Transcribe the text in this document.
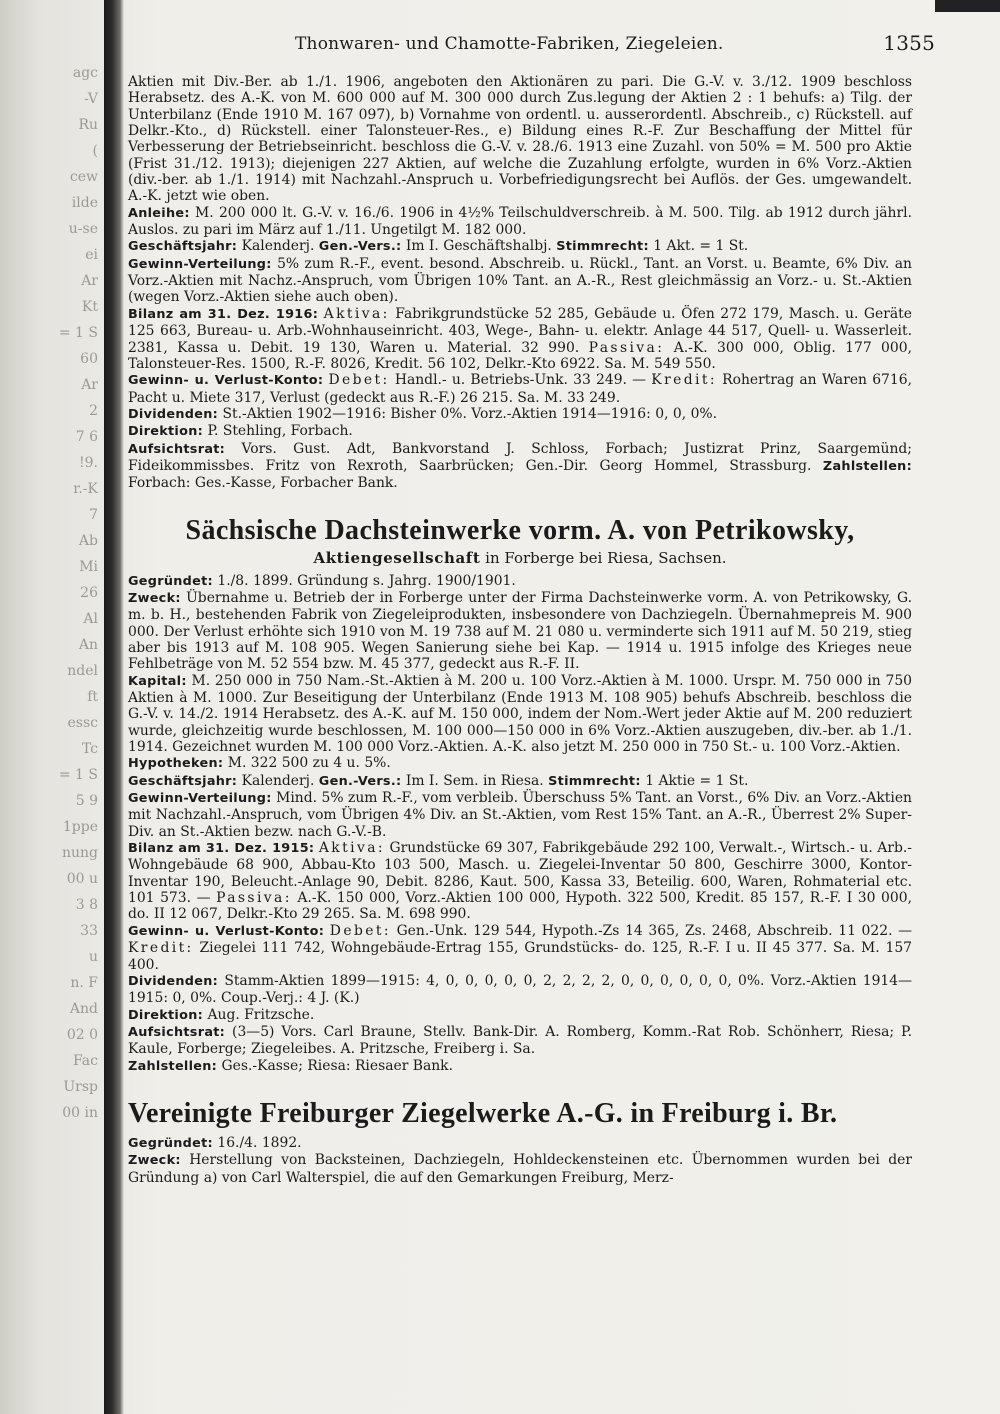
agc
-V
Ru
(
cew
ilde
u-se
ei
Ar
Kt
= 1 S
60
Ar
2
7 6
!9.
r.-K
7
Ab
Mi
26
Al
An
ndel
ft
essc
Tc
= 1 S
5 9
1ppe
nung
00 u
3 8
33
u
n. F
And
02 0
Fac
Ursp
00 in
Thonwaren- und Chamotte-Fabriken, Ziegeleien.	1355

Aktien mit Div.-Ber. ab 1./1. 1906, angeboten den Aktionären zu pari. Die G.-V. v. 3./12. 1909 beschloss Herabsetz. des A.-K. von M. 600 000 auf M. 300 000 durch Zus.legung der Aktien 2 : 1 behufs: a) Tilg. der Unterbilanz (Ende 1910 M. 167 097), b) Vornahme von ordentl. u. ausserordentl. Abschreib., c) Rückstell. auf Delkr.-Kto., d) Rückstell. einer Talonsteuer-Res., e) Bildung eines R.-F. Zur Beschaffung der Mittel für Verbesserung der Betriebseinricht. beschloss die G.-V. v. 28./6. 1913 eine Zuzahl. von 50% = M. 500 pro Aktie (Frist 31./12. 1913); diejenigen 227 Aktien, auf welche die Zuzahlung erfolgte, wurden in 6% Vorz.-Aktien (div.-ber. ab 1./1. 1914) mit Nachzahl.-Anspruch u. Vorbefriedigungsrecht bei Auflös. der Ges. umgewandelt. A.-K. jetzt wie oben.

Anleihe: M. 200 000 lt. G.-V. v. 16./6. 1906 in 4½% Teilschuldverschreib. à M. 500. Tilg. ab 1912 durch jährl. Auslos. zu pari im März auf 1./11. Ungetilgt M. 182 000.

Geschäftsjahr: Kalenderj. Gen.-Vers.: Im I. Geschäftshalbj. Stimmrecht: 1 Akt. = 1 St.

Gewinn-Verteilung: 5% zum R.-F., event. besond. Abschreib. u. Rückl., Tant. an Vorst. u. Beamte, 6% Div. an Vorz.-Aktien mit Nachz.-Anspruch, vom Übrigen 10% Tant. an A.-R., Rest gleichmässig an Vorz.- u. St.-Aktien (wegen Vorz.-Aktien siehe auch oben).

Bilanz am 31. Dez. 1916: Aktiva: Fabrikgrundstücke 52 285, Gebäude u. Öfen 272 179, Masch. u. Geräte 125 663, Bureau- u. Arb.-Wohnhauseinricht. 403, Wege-, Bahn- u. elektr. Anlage 44 517, Quell- u. Wasserleit. 2381, Kassa u. Debit. 19 130, Waren u. Material. 32 990. Passiva: A.-K. 300 000, Oblig. 177 000, Talonsteuer-Res. 1500, R.-F. 8026, Kredit. 56 102, Delkr.-Kto 6922. Sa. M. 549 550.

Gewinn- u. Verlust-Konto: Debet: Handl.- u. Betriebs-Unk. 33 249. — Kredit: Rohertrag an Waren 6716, Pacht u. Miete 317, Verlust (gedeckt aus R.-F.) 26 215. Sa. M. 33 249.

Dividenden: St.-Aktien 1902—1916: Bisher 0%. Vorz.-Aktien 1914—1916: 0, 0, 0%.

Direktion: P. Stehling, Forbach.

Aufsichtsrat: Vors. Gust. Adt, Bankvorstand J. Schloss, Forbach; Justizrat Prinz, Saargemünd; Fideikommissbes. Fritz von Rexroth, Saarbrücken; Gen.-Dir. Georg Hommel, Strassburg. Zahlstellen: Forbach: Ges.-Kasse, Forbacher Bank.

Sächsische Dachsteinwerke vorm. A. von Petrikowsky,
Aktiengesellschaft in Forberge bei Riesa, Sachsen.

Gegründet: 1./8. 1899. Gründung s. Jahrg. 1900/1901.

Zweck: Übernahme u. Betrieb der in Forberge unter der Firma Dachsteinwerke vorm. A. von Petrikowsky, G. m. b. H., bestehenden Fabrik von Ziegeleiprodukten, insbesondere von Dachziegeln. Übernahmepreis M. 900 000. Der Verlust erhöhte sich 1910 von M. 19 738 auf M. 21 080 u. verminderte sich 1911 auf M. 50 219, stieg aber bis 1913 auf M. 108 905. Wegen Sanierung siehe bei Kap. — 1914 u. 1915 infolge des Krieges neue Fehlbeträge von M. 52 554 bzw. M. 45 377, gedeckt aus R.-F. II.

Kapital: M. 250 000 in 750 Nam.-St.-Aktien à M. 200 u. 100 Vorz.-Aktien à M. 1000. Urspr. M. 750 000 in 750 Aktien à M. 1000. Zur Beseitigung der Unterbilanz (Ende 1913 M. 108 905) behufs Abschreib. beschloss die G.-V. v. 14./2. 1914 Herabsetz. des A.-K. auf M. 150 000, indem der Nom.-Wert jeder Aktie auf M. 200 reduziert wurde, gleichzeitig wurde beschlossen, M. 100 000—150 000 in 6% Vorz.-Aktien auszugeben, div.-ber. ab 1./1. 1914. Gezeichnet wurden M. 100 000 Vorz.-Aktien. A.-K. also jetzt M. 250 000 in 750 St.- u. 100 Vorz.-Aktien.

Hypotheken: M. 322 500 zu 4 u. 5%.

Geschäftsjahr: Kalenderj. Gen.-Vers.: Im I. Sem. in Riesa. Stimmrecht: 1 Aktie = 1 St.

Gewinn-Verteilung: Mind. 5% zum R.-F., vom verbleib. Überschuss 5% Tant. an Vorst., 6% Div. an Vorz.-Aktien mit Nachzahl.-Anspruch, vom Übrigen 4% Div. an St.-Aktien, vom Rest 15% Tant. an A.-R., Überrest 2% Super-Div. an St.-Aktien bezw. nach G.-V.-B.

Bilanz am 31. Dez. 1915: Aktiva: Grundstücke 69 307, Fabrikgebäude 292 100, Verwalt.-, Wirtsch.- u. Arb.-Wohngebäude 68 900, Abbau-Kto 103 500, Masch. u. Ziegelei-Inventar 50 800, Geschirre 3000, Kontor-Inventar 190, Beleucht.-Anlage 90, Debit. 8286, Kaut. 500, Kassa 33, Beteilig. 600, Waren, Rohmaterial etc. 101 573. — Passiva: A.-K. 150 000, Vorz.-Aktien 100 000, Hypoth. 322 500, Kredit. 85 157, R.-F. I 30 000, do. II 12 067, Delkr.-Kto 29 265. Sa. M. 698 990.

Gewinn- u. Verlust-Konto: Debet: Gen.-Unk. 129 544, Hypoth.-Zs 14 365, Zs. 2468, Abschreib. 11 022. — Kredit: Ziegelei 111 742, Wohngebäude-Ertrag 155, Grundstücks- do. 125, R.-F. I u. II 45 377. Sa. M. 157 400.

Dividenden: Stamm-Aktien 1899—1915: 4, 0, 0, 0, 0, 0, 2, 2, 2, 2, 0, 0, 0, 0, 0, 0, 0%. Vorz.-Aktien 1914—1915: 0, 0%. Coup.-Verj.: 4 J. (K.)

Direktion: Aug. Fritzsche.

Aufsichtsrat: (3—5) Vors. Carl Braune, Stellv. Bank-Dir. A. Romberg, Komm.-Rat Rob. Schönherr, Riesa; P. Kaule, Forberge; Ziegeleibes. A. Pritzsche, Freiberg i. Sa.

Zahlstellen: Ges.-Kasse; Riesa: Riesaer Bank.

Vereinigte Freiburger Ziegelwerke A.-G. in Freiburg i. Br.

Gegründet: 16./4. 1892.

Zweck: Herstellung von Backsteinen, Dachziegeln, Hohldeckensteinen etc. Übernommen wurden bei der Gründung a) von Carl Walterspiel, die auf den Gemarkungen Freiburg, Merz-
